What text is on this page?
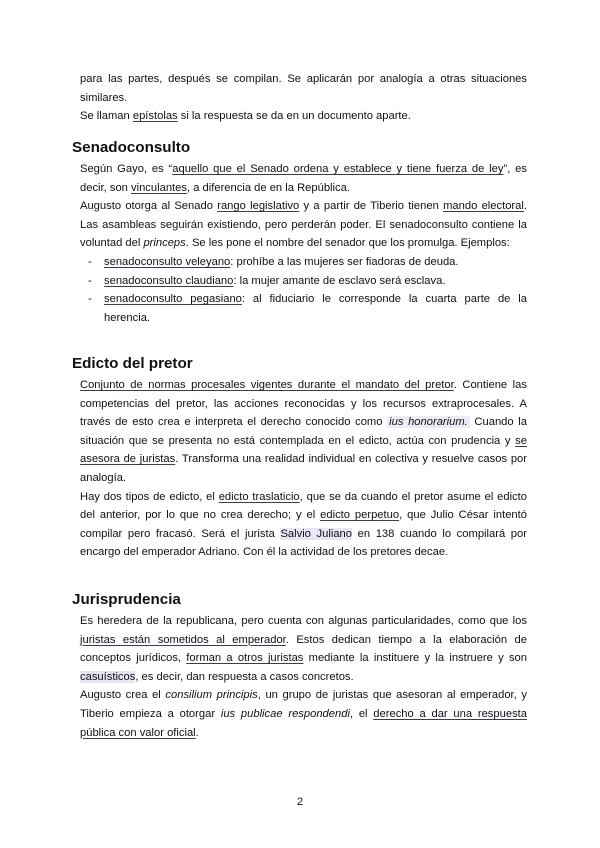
para las partes, después se compilan. Se aplicarán por analogía a otras situaciones similares.

Se llaman epístolas si la respuesta se da en un documento aparte.

Senadoconsulto

Según Gayo, es “aquello que el Senado ordena y establece y tiene fuerza de ley”, es decir, son vinculantes, a diferencia de en la República.

Augusto otorga al Senado rango legislativo y a partir de Tiberio tienen mando electoral. Las asambleas seguirán existiendo, pero perderán poder. El senadoconsulto contiene la voluntad del princeps. Se les pone el nombre del senador que los promulga. Ejemplos:

- senadoconsulto veleyano: prohíbe a las mujeres ser fiadoras de deuda.
- senadoconsulto claudiano: la mujer amante de esclavo será esclava.
- senadoconsulto pegasiano: al fiduciario le corresponde la cuarta parte de la herencia.
Edicto del pretor

Conjunto de normas procesales vigentes durante el mandato del pretor. Contiene las competencias del pretor, las acciones reconocidas y los recursos extraprocesales. A través de esto crea e interpreta el derecho conocido como ius honorarium. Cuando la situación que se presenta no está contemplada en el edicto, actúa con prudencia y se asesora de juristas. Transforma una realidad individual en colectiva y resuelve casos por analogía.

Hay dos tipos de edicto, el edicto traslaticio, que se da cuando el pretor asume el edicto del anterior, por lo que no crea derecho; y el edicto perpetuo, que Julio César intentó compilar pero fracasó. Será el jurista Salvio Juliano en 138 cuando lo compilará por encargo del emperador Adriano. Con él la actividad de los pretores decae.

Jurisprudencia

Es heredera de la republicana, pero cuenta con algunas particularidades, como que los juristas están sometidos al emperador. Estos dedican tiempo a la elaboración de conceptos jurídicos, forman a otros juristas mediante la instituere y la instruere y son casuísticos, es decir, dan respuesta a casos concretos.

Augusto crea el consilium principis, un grupo de juristas que asesoran al emperador, y Tiberio empieza a otorgar ius publicae respondendi, el derecho a dar una respuesta pública con valor oficial.

2
